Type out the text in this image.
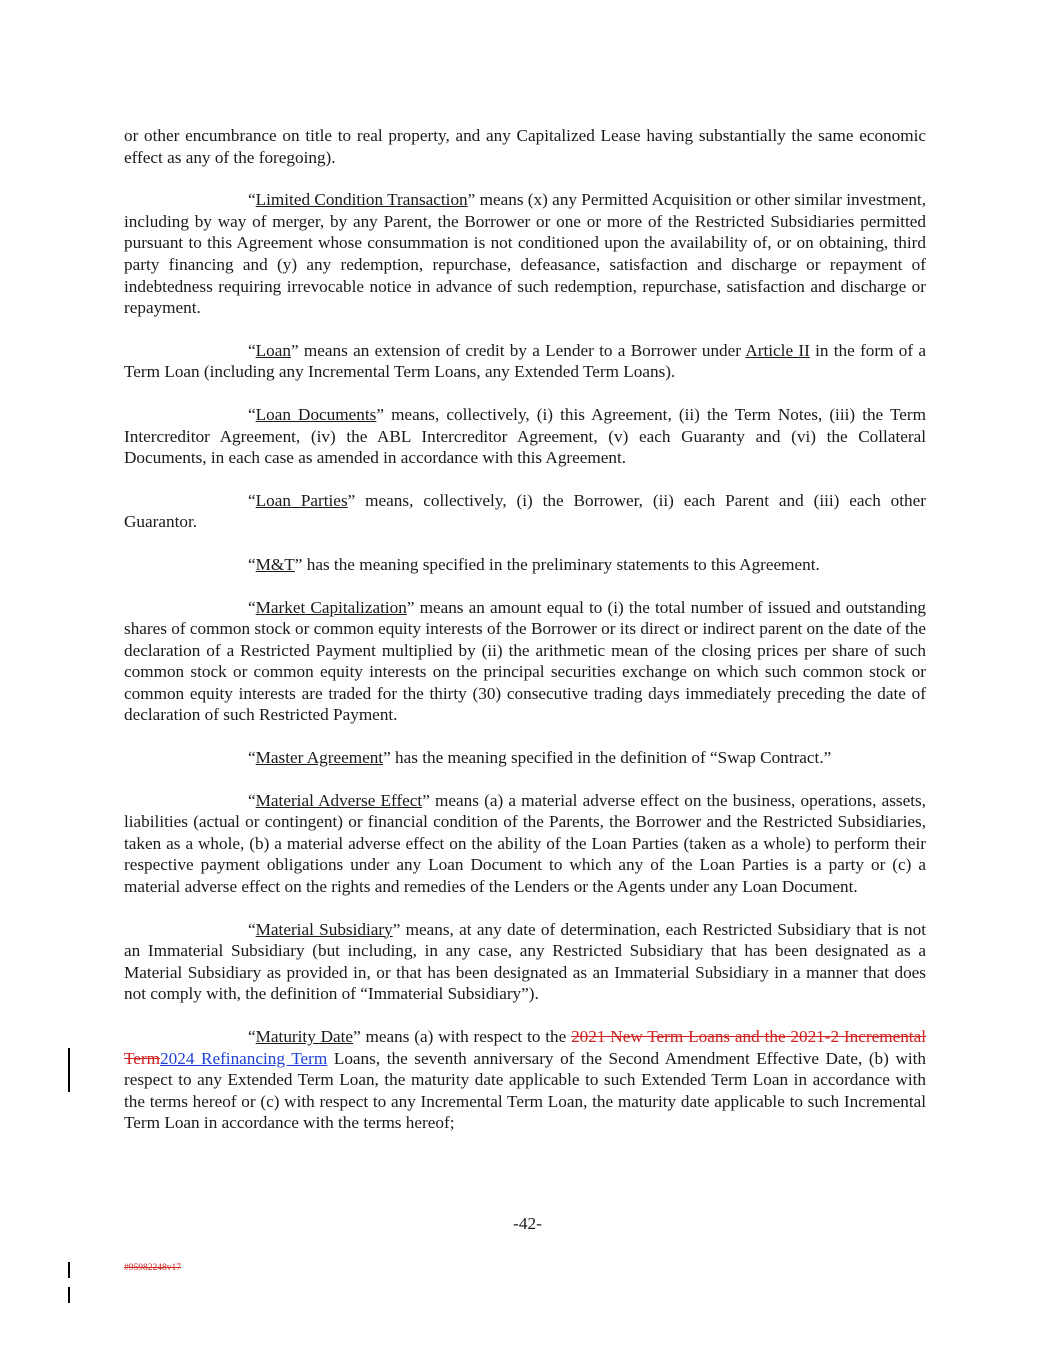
or other encumbrance on title to real property, and any Capitalized Lease having substantially the same economic effect as any of the foregoing).

“Limited Condition Transaction” means (x) any Permitted Acquisition or other similar investment, including by way of merger, by any Parent, the Borrower or one or more of the Restricted Subsidiaries permitted pursuant to this Agreement whose consummation is not conditioned upon the availability of, or on obtaining, third party financing and (y) any redemption, repurchase, defeasance, satisfaction and discharge or repayment of indebtedness requiring irrevocable notice in advance of such redemption, repurchase, satisfaction and discharge or repayment.

“Loan” means an extension of credit by a Lender to a Borrower under Article II in the form of a Term Loan (including any Incremental Term Loans, any Extended Term Loans).

“Loan Documents” means, collectively, (i) this Agreement, (ii) the Term Notes, (iii) the Term Intercreditor Agreement, (iv) the ABL Intercreditor Agreement, (v) each Guaranty and (vi) the Collateral Documents, in each case as amended in accordance with this Agreement.

“Loan Parties” means, collectively, (i) the Borrower, (ii) each Parent and (iii) each other Guarantor.

“M&T” has the meaning specified in the preliminary statements to this Agreement.

“Market Capitalization” means an amount equal to (i) the total number of issued and outstanding shares of common stock or common equity interests of the Borrower or its direct or indirect parent on the date of the declaration of a Restricted Payment multiplied by (ii) the arithmetic mean of the closing prices per share of such common stock or common equity interests on the principal securities exchange on which such common stock or common equity interests are traded for the thirty (30) consecutive trading days immediately preceding the date of declaration of such Restricted Payment.

“Master Agreement” has the meaning specified in the definition of “Swap Contract.”

“Material Adverse Effect” means (a) a material adverse effect on the business, operations, assets, liabilities (actual or contingent) or financial condition of the Parents, the Borrower and the Restricted Subsidiaries, taken as a whole, (b) a material adverse effect on the ability of the Loan Parties (taken as a whole) to perform their respective payment obligations under any Loan Document to which any of the Loan Parties is a party or (c) a material adverse effect on the rights and remedies of the Lenders or the Agents under any Loan Document.

“Material Subsidiary” means, at any date of determination, each Restricted Subsidiary that is not an Immaterial Subsidiary (but including, in any case, any Restricted Subsidiary that has been designated as a Material Subsidiary as provided in, or that has been designated as an Immaterial Subsidiary in a manner that does not comply with, the definition of “Immaterial Subsidiary”).

“Maturity Date” means (a) with respect to the 2021 New Term Loans and the 2021-2 Incremental Term2024 Refinancing Term Loans, the seventh anniversary of the Second Amendment Effective Date, (b) with respect to any Extended Term Loan, the maturity date applicable to such Extended Term Loan in accordance with the terms hereof or (c) with respect to any Incremental Term Loan, the maturity date applicable to such Incremental Term Loan in accordance with the terms hereof;

-42-
#95982248v17
